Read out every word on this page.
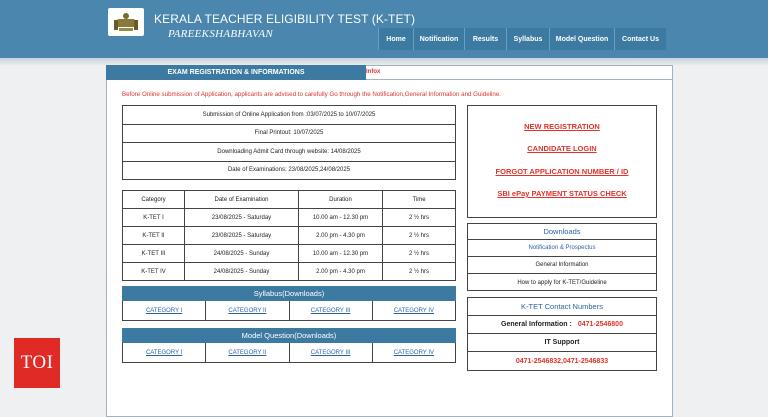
KERALA TEACHER ELIGIBILITY TEST (K-TET)
PAREEKSHABHAVAN	Home	Notification	Results	Syllabus	Model Question	Contact Us
EXAM REGISTRATION & INFORMATIONS	Infox
Before Online submission of Application, applicants are advised to carefully Go through the Notification,General Information and Guideline.
Submission of Online Application from :03/07/2025 to 10/07/2025
Final Printout: 10/07/2025
Downloading Admit Card through website: 14/08/2025
Date of Examinations: 23/08/2025,24/08/2025
Category	Date of Examination	Duration	Time
K-TET I	23/08/2025 - Saturday	10.00 am - 12.30 pm	2 ½ hrs
K-TET II	23/08/2025 - Saturday	2.00 pm - 4.30 pm	2 ½ hrs
K-TET III	24/08/2025 - Sunday	10.00 am - 12.30 pm	2 ½ hrs
K-TET IV	24/08/2025 - Sunday	2.00 pm - 4.30 pm	2 ½ hrs
Syllabus(Downloads)
CATEGORY I	CATEGORY II	CATEGORY III	CATEGORY IV
Model Question(Downloads)
CATEGORY I	CATEGORY II	CATEGORY III	CATEGORY IV
NEW REGISTRATION
CANDIDATE LOGIN
FORGOT APPLICATION NUMBER / ID
SBI ePay PAYMENT STATUS CHECK
Downloads
Notification & Prospectus
General Information
How to apply for K-TET/Guideline
K-TET Contact Numbers
General Information : 0471-2546800
IT Support
0471-2546832,0471-2546833
TOI
